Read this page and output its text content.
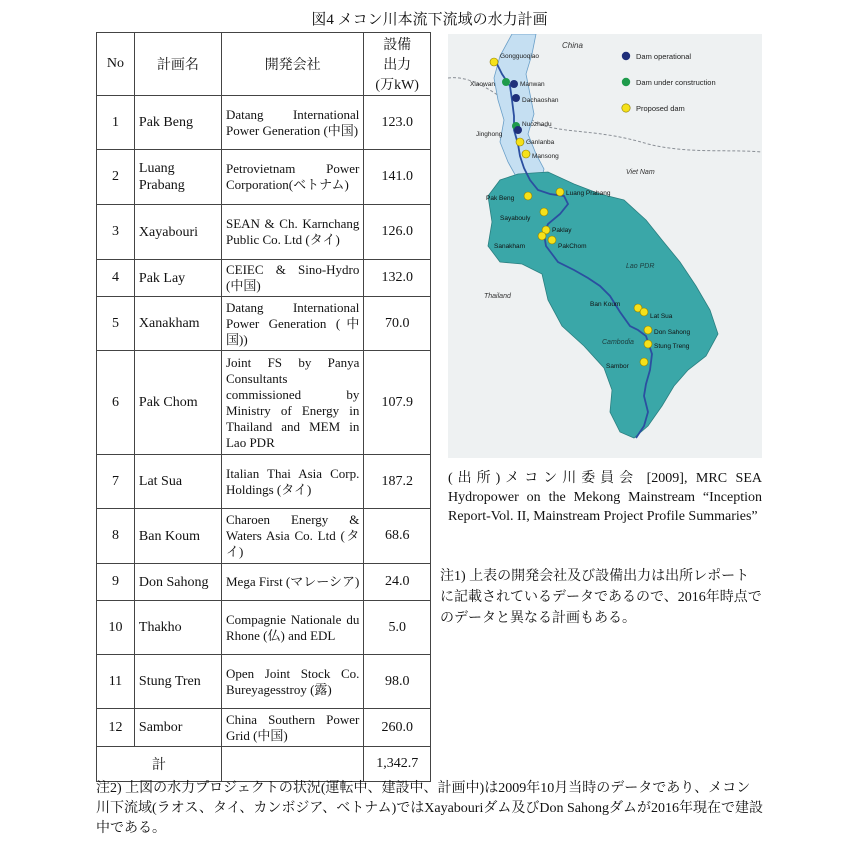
図4 メコン川本流下流域の水力計画
No	計画名	開発会社	設備
出力
(万kW)

1	Pak Beng	Datang International Power Generation (中国)	123.0
2	Luang Prabang	Petrovietnam Power Corporation(ベトナム)	141.0
3	Xayabouri	SEAN & Ch. Karnchang Public Co. Ltd (タイ)	126.0
4	Pak Lay	CEIEC & Sino-Hydro (中国)	132.0
5	Xanakham	Datang International Power Generation (中国))	70.0
6	Pak Chom	Joint FS by Panya Consultants commissioned by Ministry of Energy in Thailand and MEM in Lao PDR	107.9
7	Lat Sua	Italian Thai Asia Corp. Holdings (タイ)	187.2
8	Ban Koum	Charoen Energy & Waters Asia Co. Ltd (タイ)	68.6
9	Don Sahong	Mega First (マレーシア)	24.0
10	Thakho	Compagnie Nationale du Rhone (仏) and EDL	5.0
11	Stung Tren	Open Joint Stock Co. Bureyagesstroy (露)	98.0
12	Sambor	China Southern Power Grid (中国)	260.0
計			1,342.7
China
Viet Nam
Lao PDR
Thailand
Cambodia
Dam operational
Dam under construction
Proposed dam
Gongguoqiao
Xiaowan	Manwan
Dachaoshan
Nuozhadu
Jinghong
Ganlanba
Mansong
Luang Prabang
Pak Beng
Sayabouly
Paklay
Sanakham	PakChom
Ban Koum
Lat Sua
Don Sahong
Stung Treng
Sambor
(出所)メコン川委員会 [2009], MRC SEA Hydropower on the Mekong Mainstream “Inception Report-Vol. II, Mainstream Project Profile Summaries”
注1) 上表の開発会社及び設備出力は出所レポートに記載されているデータであるので、2016年時点でのデータと異なる計画もある。
注2) 上図の水力プロジェクトの状況(運転中、建設中、計画中)は2009年10月当時のデータであり、メコン川下流域(ラオス、タイ、カンボジア、ベトナム)ではXayabouriダム及びDon Sahongダムが2016年現在で建設中である。
